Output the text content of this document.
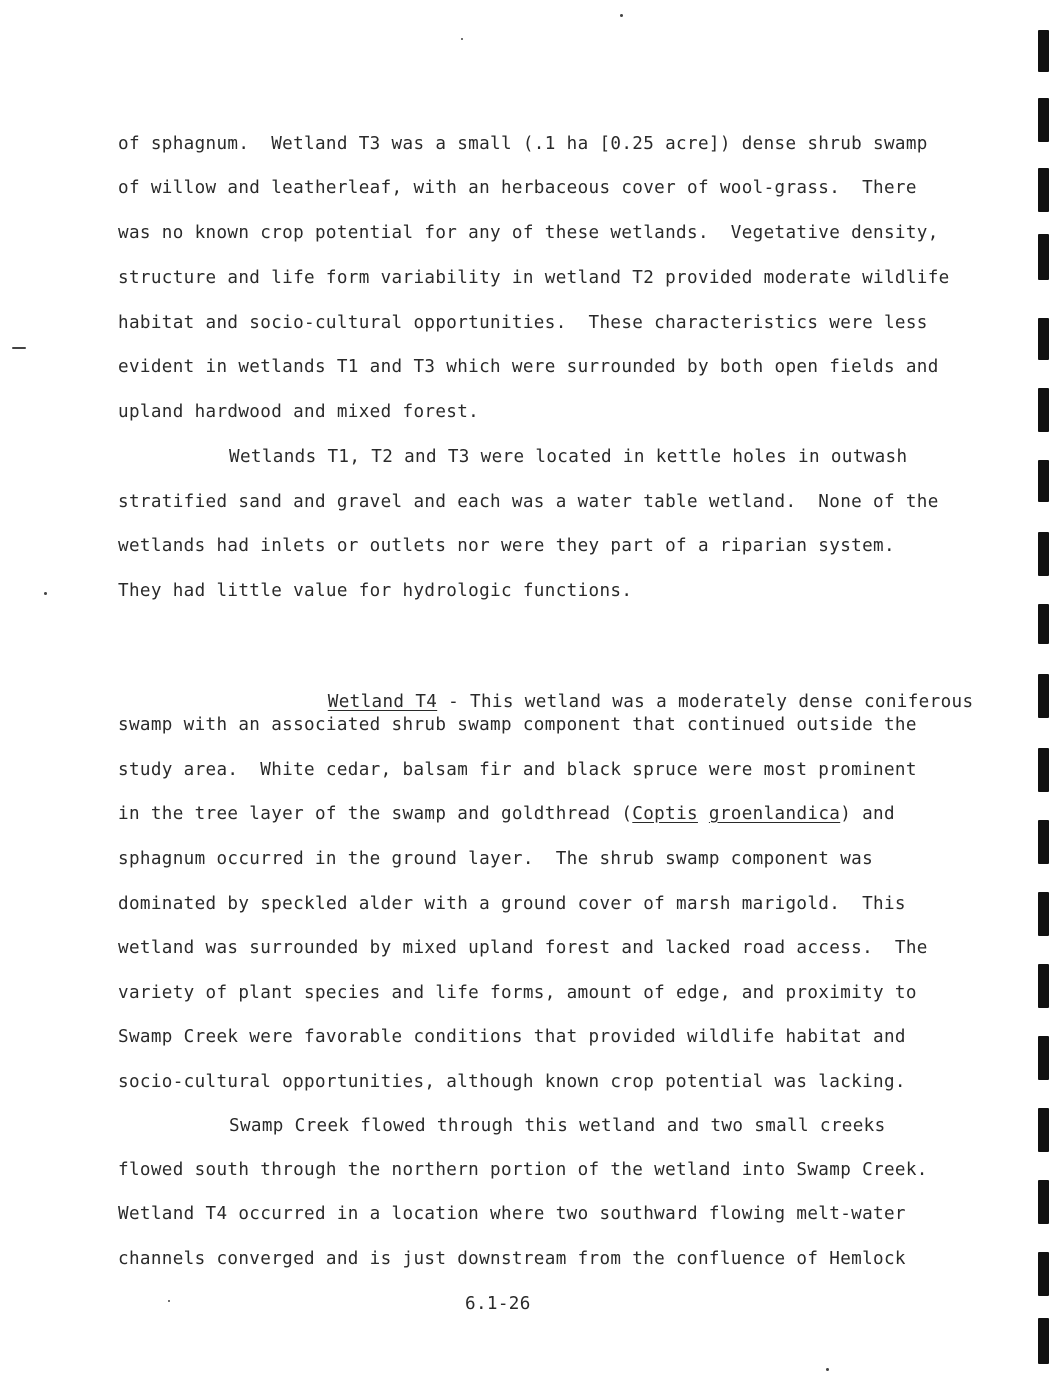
of sphagnum.  Wetland T3 was a small (.1 ha [0.25 acre]) dense shrub swamp
of willow and leatherleaf, with an herbaceous cover of wool-grass.  There
was no known crop potential for any of these wetlands.  Vegetative density,
structure and life form variability in wetland T2 provided moderate wildlife
habitat and socio-cultural opportunities.  These characteristics were less
evident in wetlands T1 and T3 which were surrounded by both open fields and
upland hardwood and mixed forest.
Wetlands T1, T2 and T3 were located in kettle holes in outwash
stratified sand and gravel and each was a water table wetland.  None of the
wetlands had inlets or outlets nor were they part of a riparian system.
They had little value for hydrologic functions.

Wetland T4 - This wetland was a moderately dense coniferous

swamp with an associated shrub swamp component that continued outside the
study area.  White cedar, balsam fir and black spruce were most prominent
in the tree layer of the swamp and goldthread (Coptis groenlandica) and
sphagnum occurred in the ground layer.  The shrub swamp component was
dominated by speckled alder with a ground cover of marsh marigold.  This
wetland was surrounded by mixed upland forest and lacked road access.  The
variety of plant species and life forms, amount of edge, and proximity to
Swamp Creek were favorable conditions that provided wildlife habitat and
socio-cultural opportunities, although known crop potential was lacking.
Swamp Creek flowed through this wetland and two small creeks
flowed south through the northern portion of the wetland into Swamp Creek.
Wetland T4 occurred in a location where two southward flowing melt-water
channels converged and is just downstream from the confluence of Hemlock
6.1-26
